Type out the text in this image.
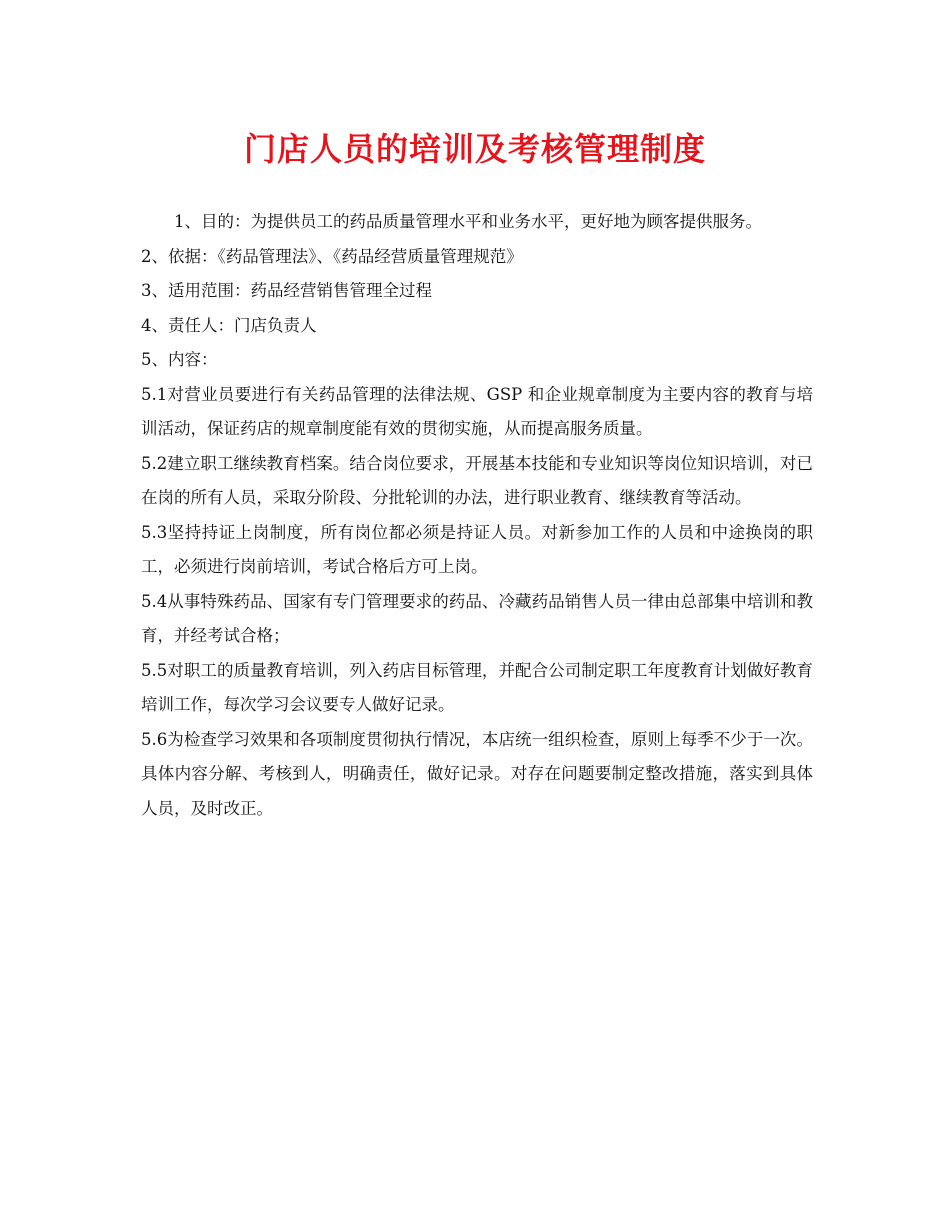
门店人员的培训及考核管理制度

1、目的：为提供员工的药品质量管理水平和业务水平，更好地为顾客提供服务。

2、依据：《药品管理法》、《药品经营质量管理规范》

3、适用范围：药品经营销售管理全过程

4、责任人：门店负责人

5、内容：

5.1对营业员要进行有关药品管理的法律法规、GSP 和企业规章制度为主要内容的教育与培训活动，保证药店的规章制度能有效的贯彻实施，从而提高服务质量。

5.2建立职工继续教育档案。结合岗位要求，开展基本技能和专业知识等岗位知识培训，对已在岗的所有人员，采取分阶段、分批轮训的办法，进行职业教育、继续教育等活动。

5.3坚持持证上岗制度，所有岗位都必须是持证人员。对新参加工作的人员和中途换岗的职工，必须进行岗前培训，考试合格后方可上岗。

5.4从事特殊药品、国家有专门管理要求的药品、冷藏药品销售人员一律由总部集中培训和教育，并经考试合格；

5.5对职工的质量教育培训，列入药店目标管理，并配合公司制定职工年度教育计划做好教育培训工作，每次学习会议要专人做好记录。

5.6为检查学习效果和各项制度贯彻执行情况，本店统一组织检查，原则上每季不少于一次。具体内容分解、考核到人，明确责任，做好记录。对存在问题要制定整改措施，落实到具体人员，及时改正。
